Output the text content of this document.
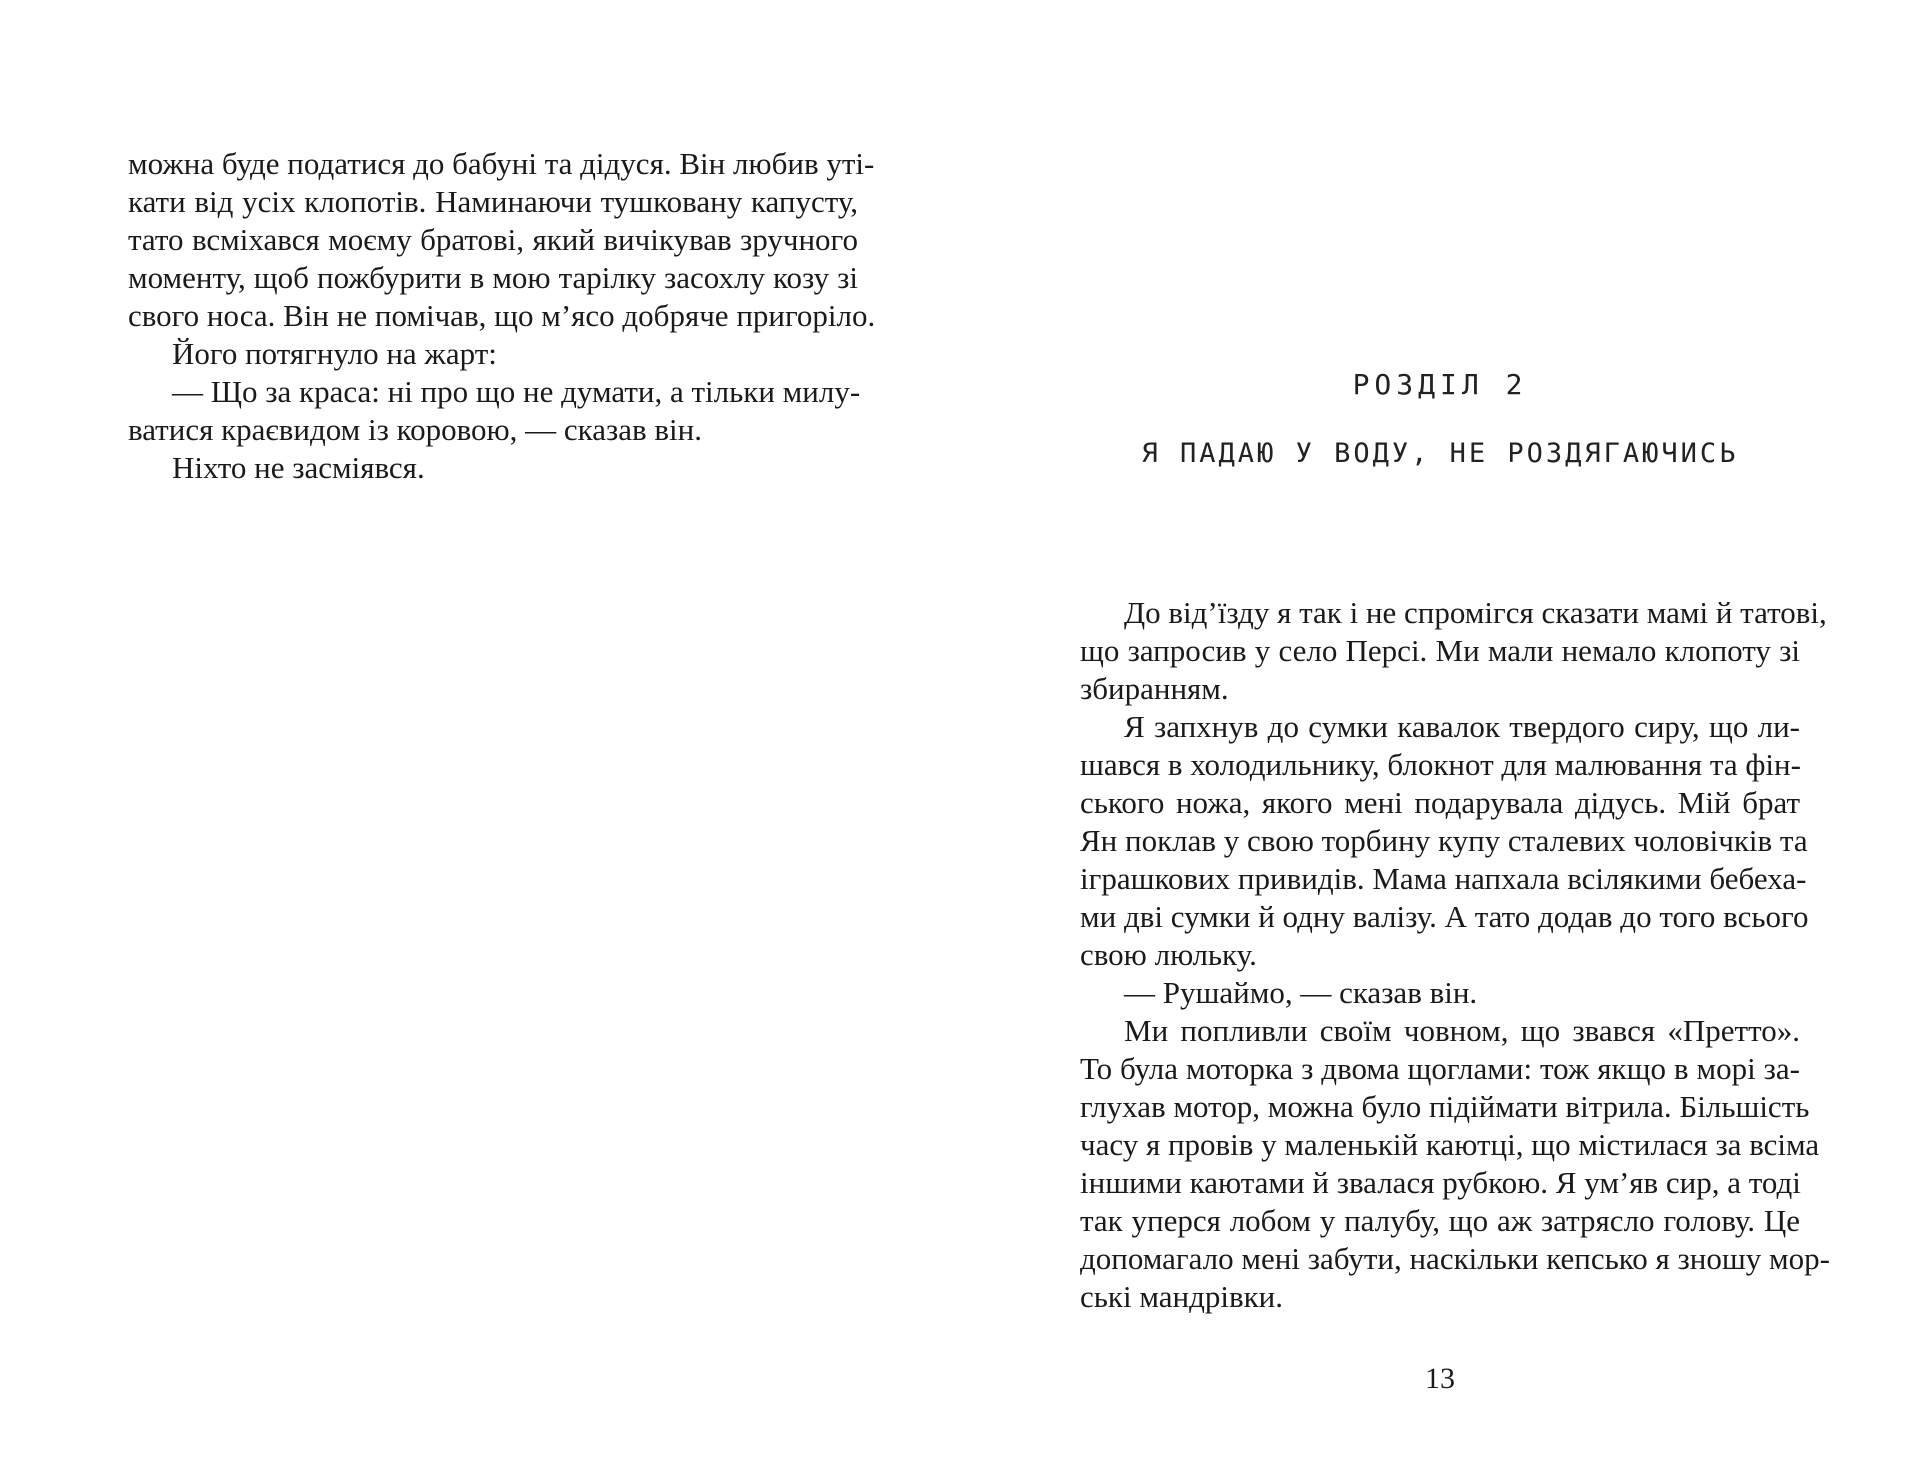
можна буде податися до бабуні та дідуся. Він любив уті-
кати від усіх клопотів. Наминаючи тушковану капусту,
тато всміхався моєму братові, який вичікував зручного
моменту, щоб пожбурити в мою тарілку засохлу козу зі
свого носа. Він не помічав, що м’ясо добряче пригоріло.
Його потягнуло на жарт:
— Що за краса: ні про що не думати, а тільки милу-
ватися краєвидом із коровою, — сказав він.
Ніхто не засміявся.
РОЗДІЛ 2
Я ПАДАЮ У ВОДУ, НЕ РОЗДЯГАЮЧИСЬ
До від’їзду я так і не спромігся сказати мамі й татові,
що запросив у село Персі. Ми мали немало клопоту зі
збиранням.
Я запхнув до сумки кавалок твердого сиру, що ли-
шався в холодильнику, блокнот для малювання та фін-
ського ножа, якого мені подарувала дідусь. Мій брат
Ян поклав у свою торбину купу сталевих чоловічків та
іграшкових привидів. Мама напхала всілякими бебеха-
ми дві сумки й одну валізу. А тато додав до того всього
свою люльку.
— Рушаймо, — сказав він.
Ми попливли своїм човном, що звався «Претто».
То була моторка з двома щоглами: тож якщо в морі за-
глухав мотор, можна було підіймати вітрила. Більшість
часу я провів у маленькій каютці, що містилася за всіма
іншими каютами й звалася рубкою. Я ум’яв сир, а тоді
так уперся лобом у палубу, що аж затрясло голову. Це
допомагало мені забути, наскільки кепсько я зношу мор-
ські мандрівки.
13
